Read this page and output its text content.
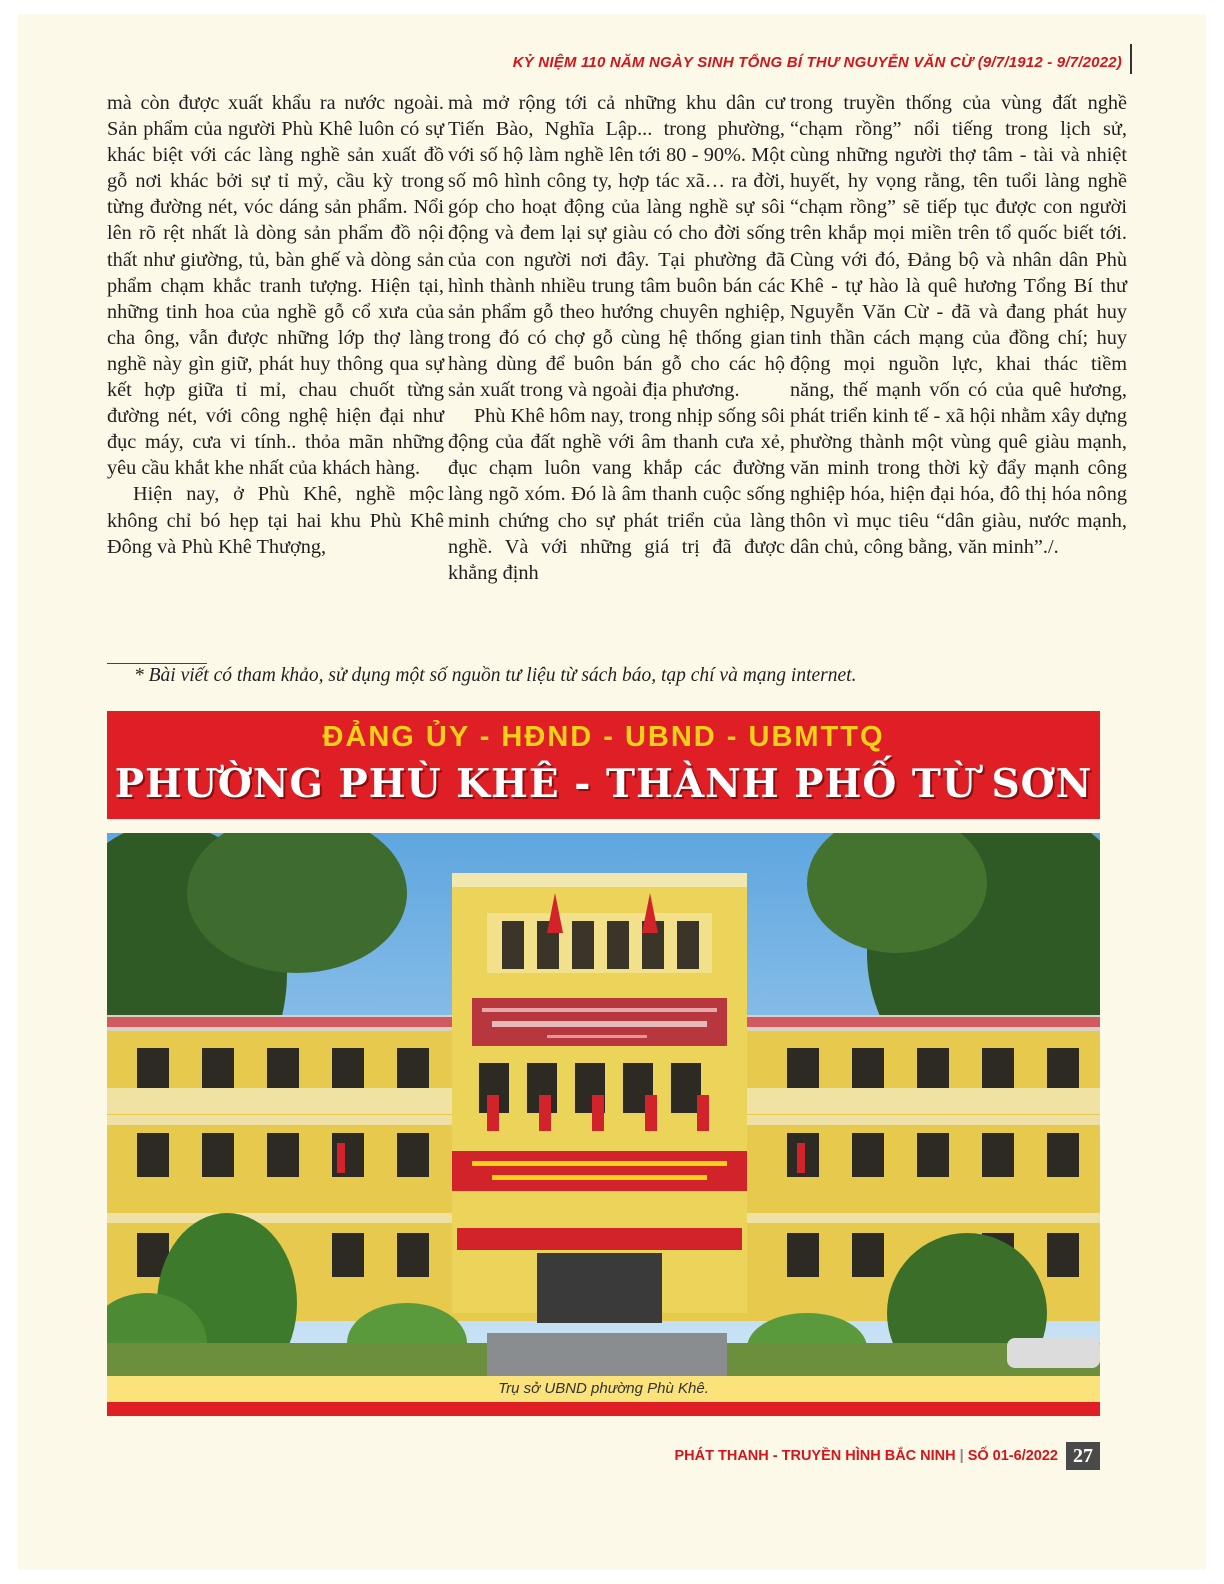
KỶ NIỆM 110 NĂM NGÀY SINH TỔNG BÍ THƯ NGUYỄN VĂN CỪ (9/7/1912 - 9/7/2022)

mà còn được xuất khẩu ra nước ngoài. Sản phẩm của người Phù Khê luôn có sự khác biệt với các làng nghề sản xuất đồ gỗ nơi khác bởi sự tỉ mỷ, cầu kỳ trong từng đường nét, vóc dáng sản phẩm. Nổi lên rõ rệt nhất là dòng sản phẩm đồ nội thất như giường, tủ, bàn ghế và dòng sản phẩm chạm khắc tranh tượng. Hiện tại, những tinh hoa của nghề gỗ cổ xưa của cha ông, vẫn được những lớp thợ làng nghề này gìn giữ, phát huy thông qua sự kết hợp giữa tỉ mỉ, chau chuốt từng đường nét, với công nghệ hiện đại như đục máy, cưa vi tính.. thỏa mãn những yêu cầu khắt khe nhất của khách hàng.

Hiện nay, ở Phù Khê, nghề mộc không chỉ bó hẹp tại hai khu Phù Khê Đông và Phù Khê Thượng,

mà mở rộng tới cả những khu dân cư Tiến Bào, Nghĩa Lập... trong phường, với số hộ làm nghề lên tới 80 - 90%. Một số mô hình công ty, hợp tác xã… ra đời, góp cho hoạt động của làng nghề sự sôi động và đem lại sự giàu có cho đời sống của con người nơi đây. Tại phường đã hình thành nhiều trung tâm buôn bán các sản phẩm gỗ theo hướng chuyên nghiệp, trong đó có chợ gỗ cùng hệ thống gian hàng dùng để buôn bán gỗ cho các hộ sản xuất trong và ngoài địa phương.

Phù Khê hôm nay, trong nhịp sống sôi động của đất nghề với âm thanh cưa xẻ, đục chạm luôn vang khắp các đường làng ngõ xóm. Đó là âm thanh cuộc sống minh chứng cho sự phát triển của làng nghề. Và với những giá trị đã được khẳng định

trong truyền thống của vùng đất nghề “chạm rồng” nổi tiếng trong lịch sử, cùng những người thợ tâm - tài và nhiệt huyết, hy vọng rằng, tên tuổi làng nghề “chạm rồng” sẽ tiếp tục được con người trên khắp mọi miền trên tổ quốc biết tới. Cùng với đó, Đảng bộ và nhân dân Phù Khê - tự hào là quê hương Tổng Bí thư Nguyễn Văn Cừ - đã và đang phát huy tinh thần cách mạng của đồng chí; huy động mọi nguồn lực, khai thác tiềm năng, thế mạnh vốn có của quê hương, phát triển kinh tế - xã hội nhằm xây dựng phường thành một vùng quê giàu mạnh, văn minh trong thời kỳ đẩy mạnh công nghiệp hóa, hiện đại hóa, đô thị hóa nông thôn vì mục tiêu “dân giàu, nước mạnh, dân chủ, công bằng, văn minh”./.

* Bài viết có tham khảo, sử dụng một số nguồn tư liệu từ sách báo, tạp chí và mạng internet.
ĐẢNG ỦY - HĐND - UBND - UBMTTQ
PHƯỜNG PHÙ KHÊ - THÀNH PHỐ TỪ SƠN
Trụ sở UBND phường Phù Khê.
PHÁT THANH - TRUYỀN HÌNH BẮC NINH | SỐ 01-6/2022 27
